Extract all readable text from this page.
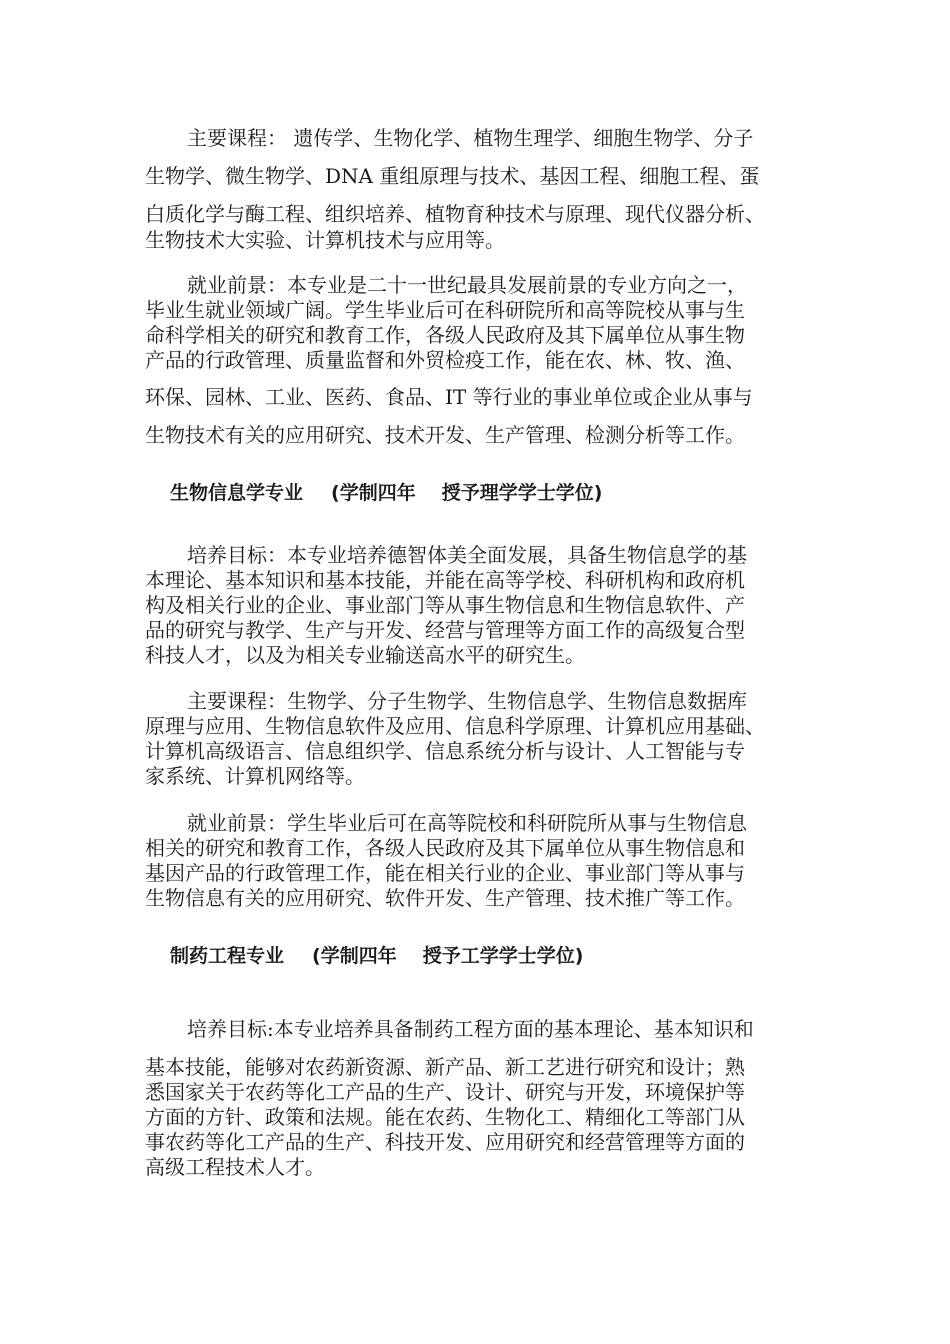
主要课程： 遗传学、生物化学、植物生理学、细胞生物学、分子
生物学、微生物学、DNA 重组原理与技术、基因工程、细胞工程、蛋
白质化学与酶工程、组织培养、植物育种技术与原理、现代仪器分析、
生物技术大实验、计算机技术与应用等。

就业前景：本专业是二十一世纪最具发展前景的专业方向之一，
毕业生就业领域广阔。学生毕业后可在科研院所和高等院校从事与生
命科学相关的研究和教育工作，各级人民政府及其下属单位从事生物
产品的行政管理、质量监督和外贸检疫工作，能在农、林、牧、渔、
环保、园林、工业、医药、食品、IT 等行业的事业单位或企业从事与
生物技术有关的应用研究、技术开发、生产管理、检测分析等工作。

生物信息学专业 (学制四年 授予理学学士学位)

培养目标：本专业培养德智体美全面发展，具备生物信息学的基
本理论、基本知识和基本技能，并能在高等学校、科研机构和政府机
构及相关行业的企业、事业部门等从事生物信息和生物信息软件、产
品的研究与教学、生产与开发、经营与管理等方面工作的高级复合型
科技人才，以及为相关专业输送高水平的研究生。

主要课程：生物学、分子生物学、生物信息学、生物信息数据库
原理与应用、生物信息软件及应用、信息科学原理、计算机应用基础、
计算机高级语言、信息组织学、信息系统分析与设计、人工智能与专
家系统、计算机网络等。

就业前景：学生毕业后可在高等院校和科研院所从事与生物信息
相关的研究和教育工作，各级人民政府及其下属单位从事生物信息和
基因产品的行政管理工作，能在相关行业的企业、事业部门等从事与
生物信息有关的应用研究、软件开发、生产管理、技术推广等工作。

制药工程专业 (学制四年 授予工学学士学位)

培养目标:本专业培养具备制药工程方面的基本理论、基本知识和
基本技能，能够对农药新资源、新产品、新工艺进行研究和设计；熟
悉国家关于农药等化工产品的生产、设计、研究与开发，环境保护等
方面的方针、政策和法规。能在农药、生物化工、精细化工等部门从
事农药等化工产品的生产、科技开发、应用研究和经营管理等方面的
高级工程技术人才。
